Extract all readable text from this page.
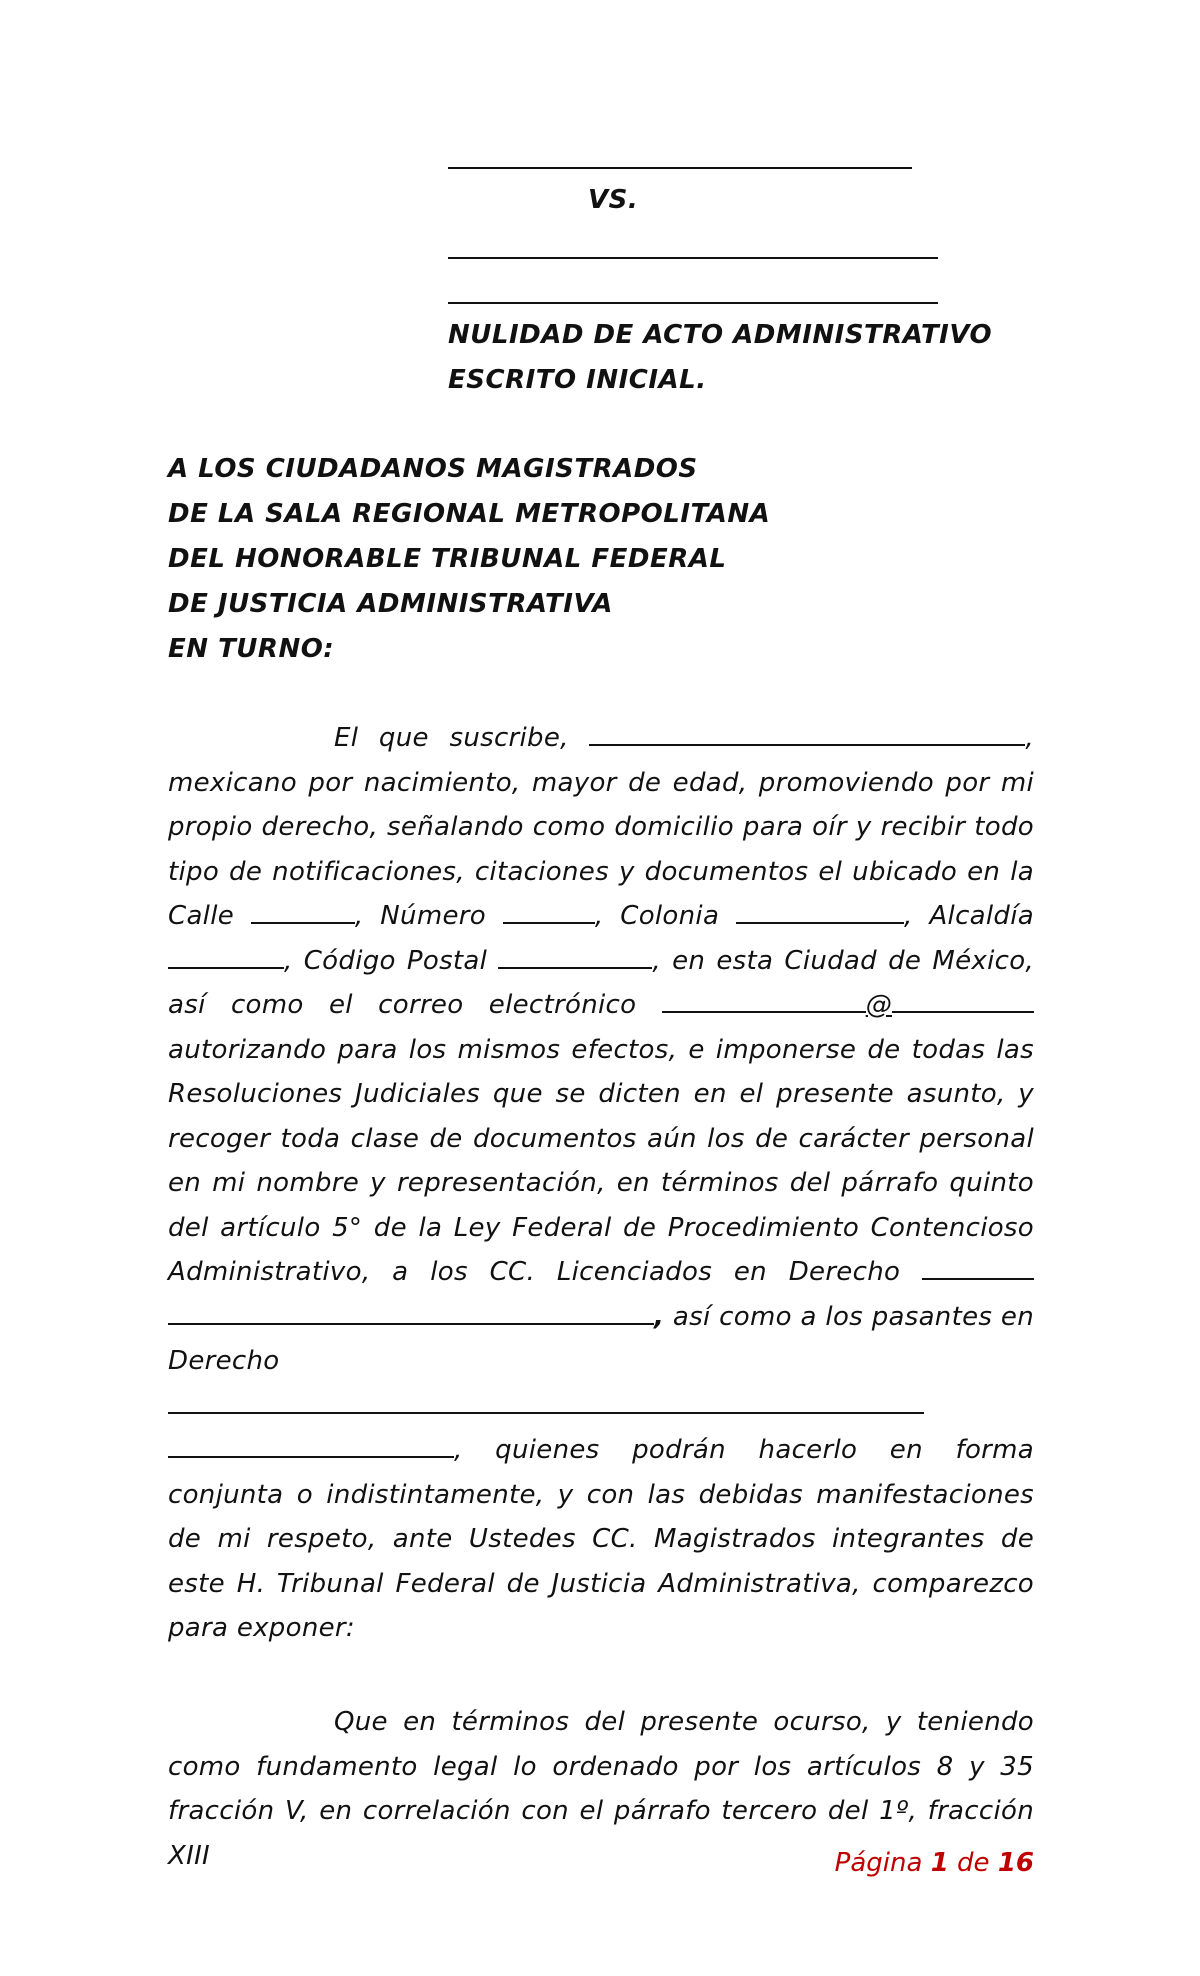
VS.

NULIDAD DE ACTO ADMINISTRATIVO

ESCRITO INICIAL.

A LOS CIUDADANOS MAGISTRADOS

DE LA SALA REGIONAL METROPOLITANA

DEL HONORABLE TRIBUNAL FEDERAL

DE JUSTICIA ADMINISTRATIVA

EN TURNO:

El que suscribe,	, mexicano por nacimiento, mayor de edad, promoviendo por mi propio derecho, señalando como domicilio para oír y recibir todo tipo de notificaciones, citaciones y documentos el ubicado en la Calle	, Número	, Colonia	, Alcaldía , Código Postal	, en esta Ciudad de México, así como el correo electrónico	@ autorizando para los mismos efectos, e imponerse de todas las Resoluciones Judiciales que se dicten en el presente asunto, y recoger toda clase de documentos aún los de carácter personal en mi nombre y representación, en términos del párrafo quinto del artículo 5° de la Ley Federal de Procedimiento Contencioso Administrativo, a los CC. Licenciados en Derecho  , así como a los pasantes en Derecho  , quienes podrán hacerlo en forma conjunta o indistintamente, y con las debidas manifestaciones de mi respeto, ante Ustedes CC. Magistrados integrantes de este H. Tribunal Federal de Justicia Administrativa, comparezco para exponer:

Que en términos del presente ocurso, y teniendo como fundamento legal lo ordenado por los artículos 8 y 35 fracción V, en correlación con el párrafo tercero del 1º, fracción XIII	Página 1 de 16
